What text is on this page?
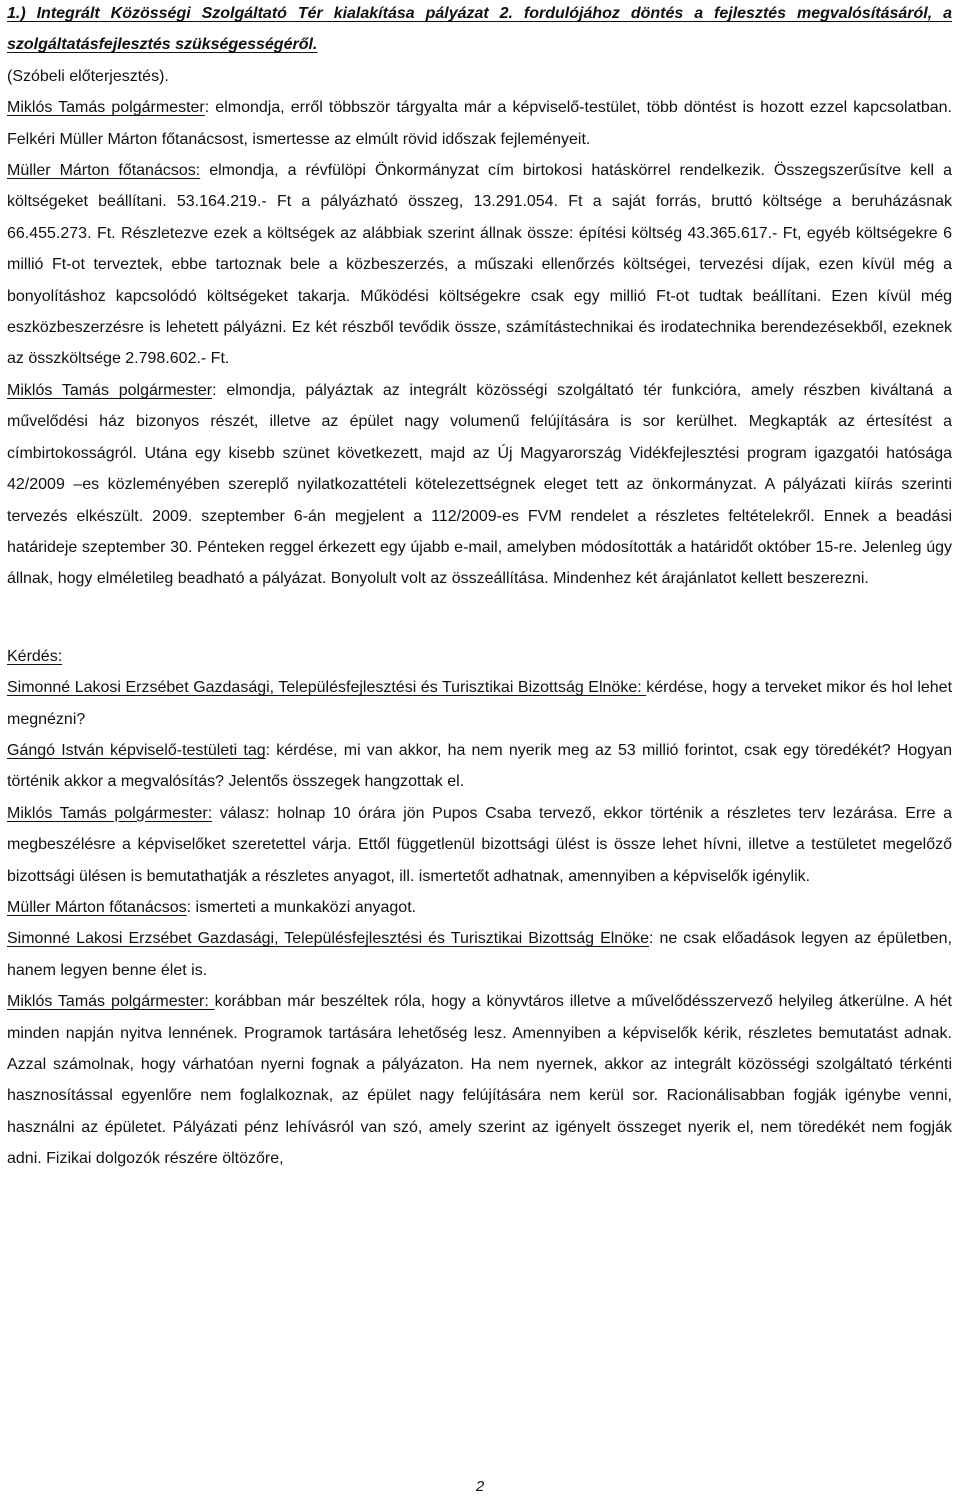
1.) Integrált Közösségi Szolgáltató Tér kialakítása pályázat 2. fordulójához döntés a fejlesztés megvalósításáról, a szolgáltatásfejlesztés szükségességéről.

(Szóbeli előterjesztés).

Miklós Tamás polgármester: elmondja, erről többször tárgyalta már a képviselő-testület, több döntést is hozott ezzel kapcsolatban. Felkéri Müller Márton főtanácsost, ismertesse az elmúlt rövid időszak fejleményeit.

Müller Márton főtanácsos: elmondja, a révfülöpi Önkormányzat cím birtokosi hatáskörrel rendelkezik. Összegszerűsítve kell a költségeket beállítani. 53.164.219.- Ft a pályázható összeg, 13.291.054. Ft a saját forrás, bruttó költsége a beruházásnak 66.455.273. Ft. Részletezve ezek a költségek az alábbiak szerint állnak össze: építési költség 43.365.617.- Ft, egyéb költségekre 6 millió Ft-ot terveztek, ebbe tartoznak bele a közbeszerzés, a műszaki ellenőrzés költségei, tervezési díjak, ezen kívül még a bonyolításhoz kapcsolódó költségeket takarja. Működési költségekre csak egy millió Ft-ot tudtak beállítani. Ezen kívül még eszközbeszerzésre is lehetett pályázni. Ez két részből tevődik össze, számítástechnikai és irodatechnika berendezésekből, ezeknek az összköltsége 2.798.602.- Ft.

Miklós Tamás polgármester: elmondja, pályáztak az integrált közösségi szolgáltató tér funkcióra, amely részben kiváltaná a művelődési ház bizonyos részét, illetve az épület nagy volumenű felújítására is sor kerülhet. Megkapták az értesítést a címbirtokosságról. Utána egy kisebb szünet következett, majd az Új Magyarország Vidékfejlesztési program igazgatói hatósága 42/2009 –es közleményében szereplő nyilatkozattételi kötelezettségnek eleget tett az önkormányzat. A pályázati kiírás szerinti tervezés elkészült. 2009. szeptember 6-án megjelent a 112/2009-es FVM rendelet a részletes feltételekről. Ennek a beadási határideje szeptember 30. Pénteken reggel érkezett egy újabb e-mail, amelyben módosították a határidőt október 15-re. Jelenleg úgy állnak, hogy elméletileg beadható a pályázat. Bonyolult volt az összeállítása. Mindenhez két árajánlatot kellett beszerezni.

Kérdés:

Simonné Lakosi Erzsébet Gazdasági, Településfejlesztési és Turisztikai Bizottság Elnöke: kérdése, hogy a terveket mikor és hol lehet megnézni?

Gángó István képviselő-testületi tag: kérdése, mi van akkor, ha nem nyerik meg az 53 millió forintot, csak egy töredékét? Hogyan történik akkor a megvalósítás? Jelentős összegek hangzottak el.

Miklós Tamás polgármester: válasz: holnap 10 órára jön Pupos Csaba tervező, ekkor történik a részletes terv lezárása. Erre a megbeszélésre a képviselőket szeretettel várja. Ettől függetlenül bizottsági ülést is össze lehet hívni, illetve a testületet megelőző bizottsági ülésen is bemutathatják a részletes anyagot, ill. ismertetőt adhatnak, amennyiben a képviselők igénylik.

Müller Márton főtanácsos: ismerteti a munkaközi anyagot.

Simonné Lakosi Erzsébet Gazdasági, Településfejlesztési és Turisztikai Bizottság Elnöke: ne csak előadások legyen az épületben, hanem legyen benne élet is.

Miklós Tamás polgármester: korábban már beszéltek róla, hogy a könyvtáros illetve a művelődésszervező helyileg átkerülne. A hét minden napján nyitva lennének. Programok tartására lehetőség lesz. Amennyiben a képviselők kérik, részletes bemutatást adnak. Azzal számolnak, hogy várhatóan nyerni fognak a pályázaton. Ha nem nyernek, akkor az integrált közösségi szolgáltató térkénti hasznosítással egyenlőre nem foglalkoznak, az épület nagy felújítására nem kerül sor. Racionálisabban fogják igénybe venni, használni az épületet. Pályázati pénz lehívásról van szó, amely szerint az igényelt összeget nyerik el, nem töredékét nem fogják adni. Fizikai dolgozók részére öltözőre,

2
